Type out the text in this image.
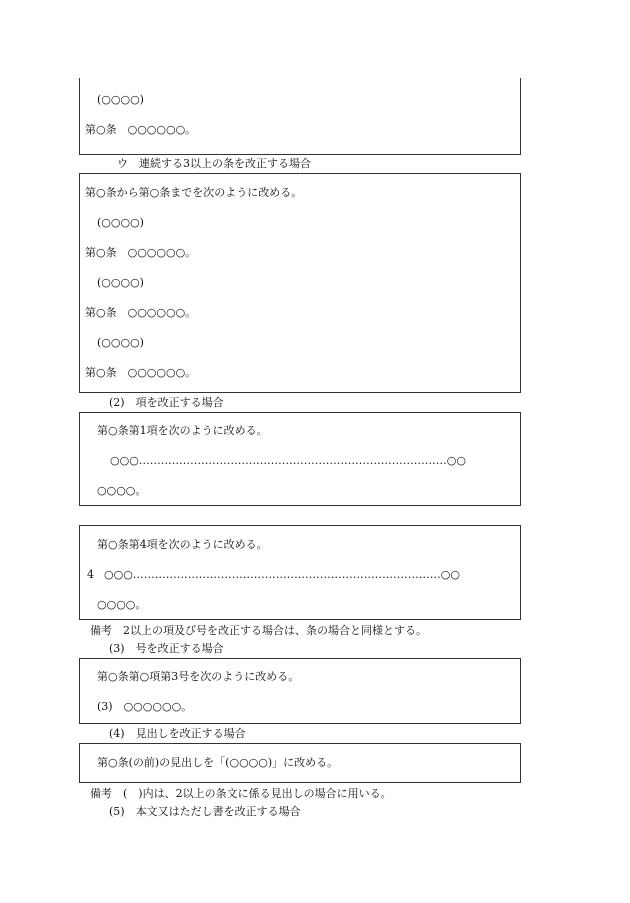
(○○○○)
第○条　○○○○○○。
ウ　連続する3以上の条を改正する場合
第○条から第○条までを次のように改める。
(○○○○)
第○条　○○○○○○。
(○○○○)
第○条　○○○○○○。
(○○○○)
第○条　○○○○○○。
(2)　項を改正する場合
第○条第1項を次のように改める。
○○○…………………………………………………………………………○○
○○○○。
第○条第4項を次のように改める。
4 ○○○…………………………………………………………………………○○
○○○○。
備考　2以上の項及び号を改正する場合は、条の場合と同様とする。
(3)　号を改正する場合
第○条第○項第3号を次のように改める。
(3)　○○○○○○。
(4)　見出しを改正する場合
第○条(の前)の見出しを「(○○○○)」に改める。
備考　(　)内は、2以上の条文に係る見出しの場合に用いる。
(5)　本文又はただし書を改正する場合
